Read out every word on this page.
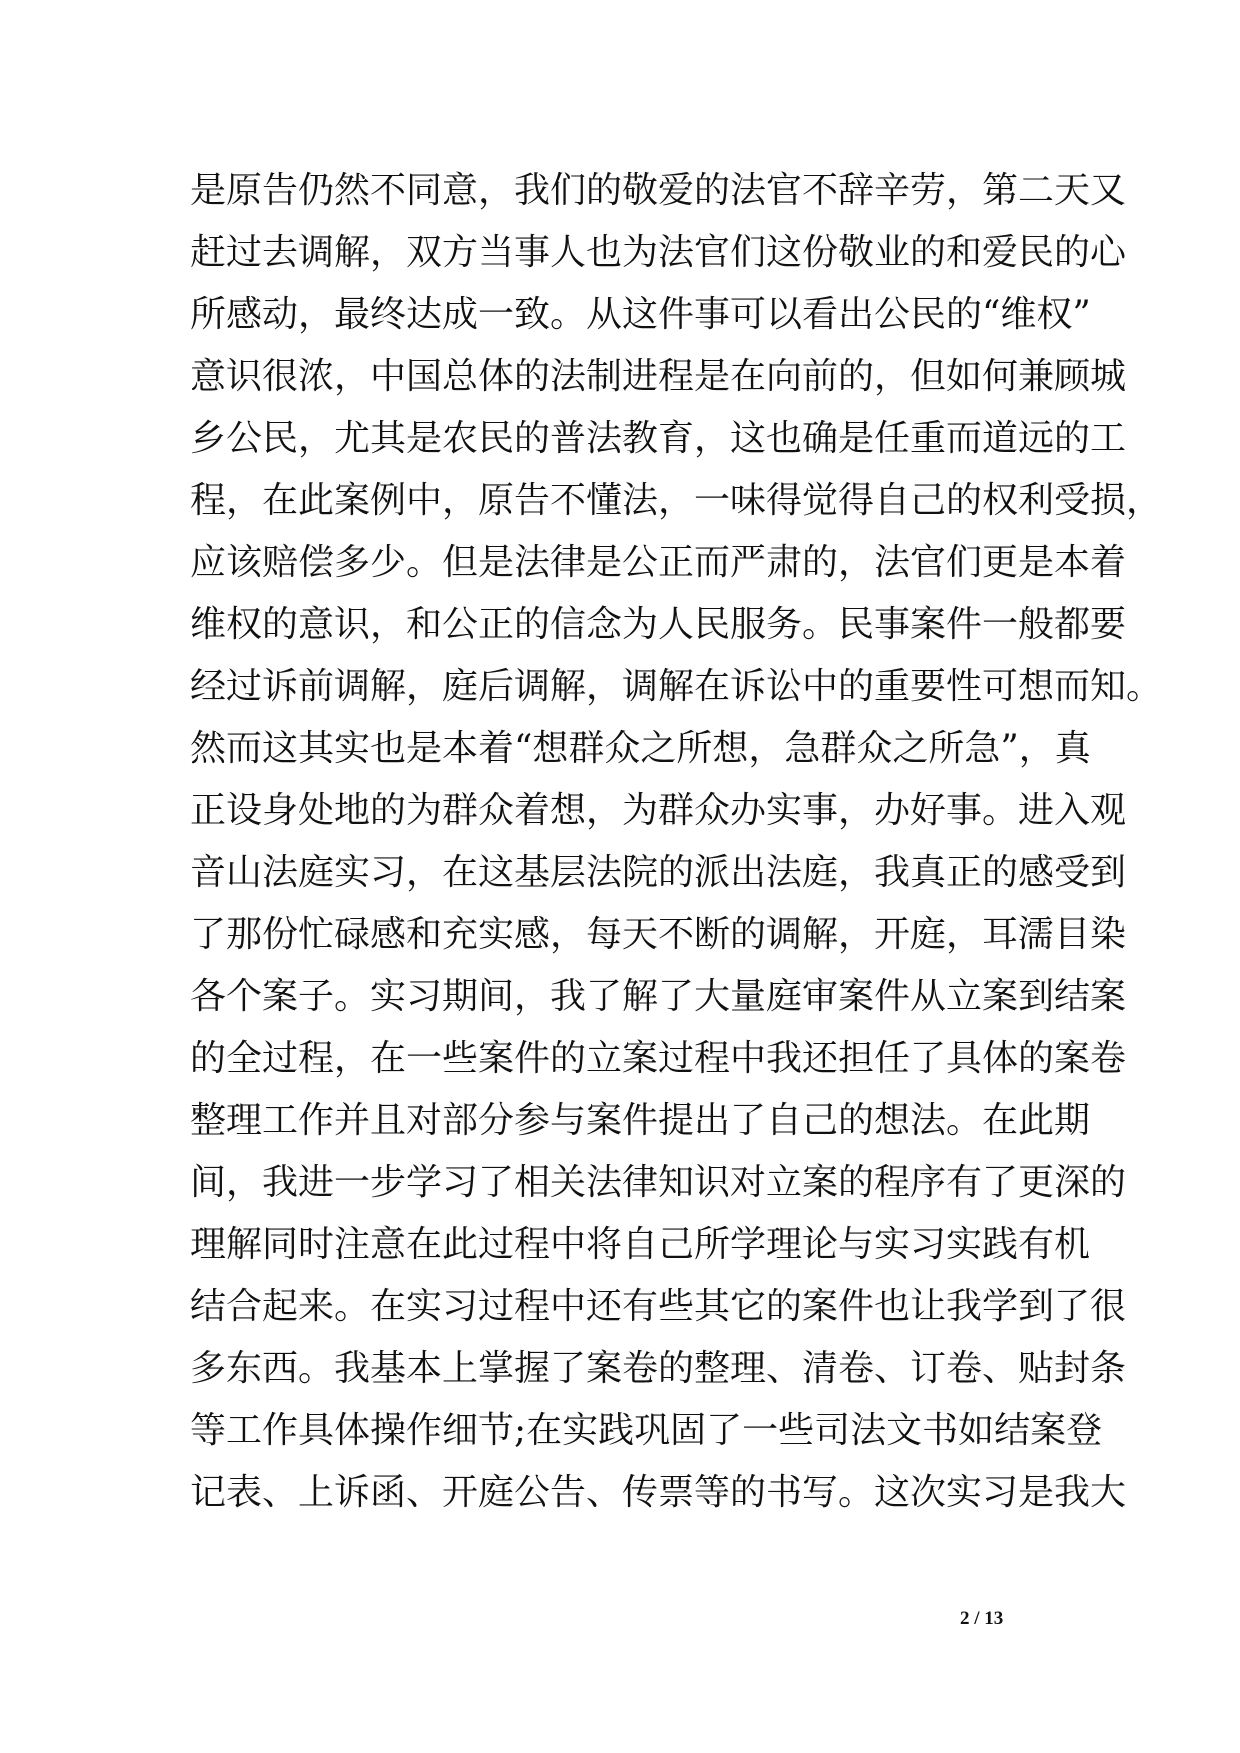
是原告仍然不同意，我们的敬爱的法官不辞辛劳，第二天又
赶过去调解，双方当事人也为法官们这份敬业的和爱民的心
所感动，最终达成一致。从这件事可以看出公民的“维权”
意识很浓，中国总体的法制进程是在向前的，但如何兼顾城
乡公民，尤其是农民的普法教育，这也确是任重而道远的工
程，在此案例中，原告不懂法，一味得觉得自己的权利受损，
应该赔偿多少。但是法律是公正而严肃的，法官们更是本着
维权的意识，和公正的信念为人民服务。民事案件一般都要
经过诉前调解，庭后调解，调解在诉讼中的重要性可想而知。
然而这其实也是本着“想群众之所想，急群众之所急”，真
正设身处地的为群众着想，为群众办实事，办好事。进入观
音山法庭实习，在这基层法院的派出法庭，我真正的感受到
了那份忙碌感和充实感，每天不断的调解，开庭，耳濡目染
各个案子。实习期间，我了解了大量庭审案件从立案到结案
的全过程，在一些案件的立案过程中我还担任了具体的案卷
整理工作并且对部分参与案件提出了自己的想法。在此期
间，我进一步学习了相关法律知识对立案的程序有了更深的
理解同时注意在此过程中将自己所学理论与实习实践有机
结合起来。在实习过程中还有些其它的案件也让我学到了很
多东西。我基本上掌握了案卷的整理、清卷、订卷、贴封条
等工作具体操作细节;在实践巩固了一些司法文书如结案登
记表、上诉函、开庭公告、传票等的书写。这次实习是我大
2 / 13
